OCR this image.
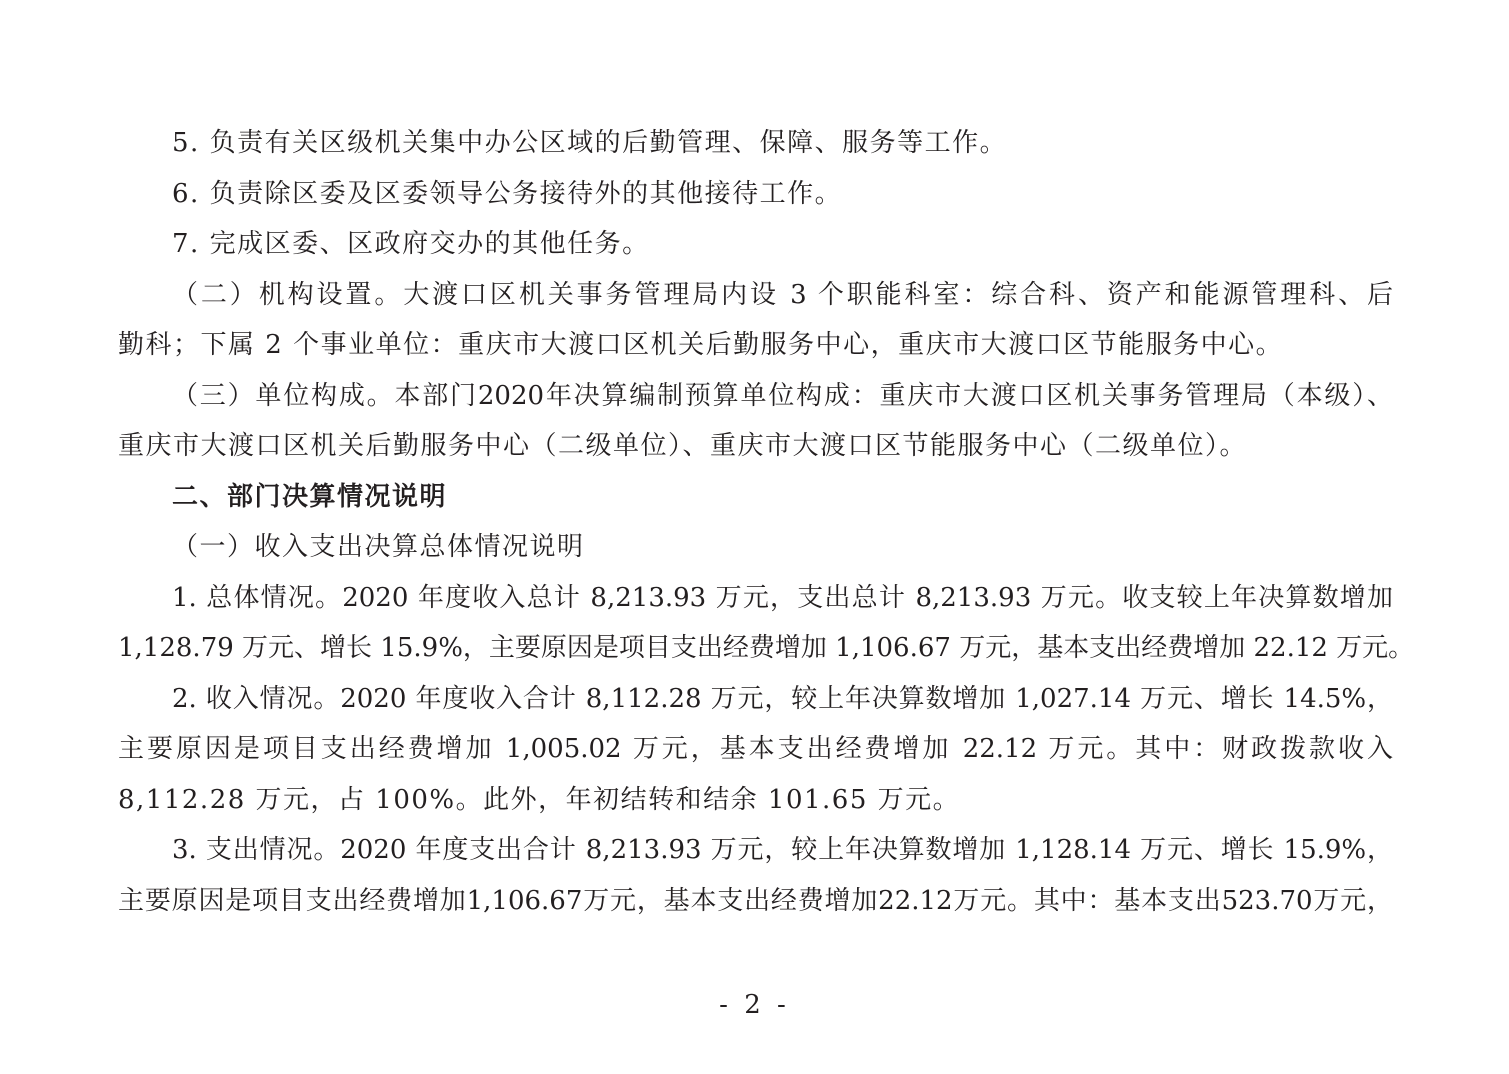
5. 负责有关区级机关集中办公区域的后勤管理、保障、服务等工作。
6. 负责除区委及区委领导公务接待外的其他接待工作。
7. 完成区委、区政府交办的其他任务。
（二）机构设置。大渡口区机关事务管理局内设 3 个职能科室：综合科、资产和能源管理科、后
勤科；下属 2 个事业单位：重庆市大渡口区机关后勤服务中心，重庆市大渡口区节能服务中心。
（三）单位构成。本部门2020年决算编制预算单位构成：重庆市大渡口区机关事务管理局（本级）、
重庆市大渡口区机关后勤服务中心（二级单位）、重庆市大渡口区节能服务中心（二级单位）。
二、部门决算情况说明
（一）收入支出决算总体情况说明
1. 总体情况。2020 年度收入总计 8,213.93 万元，支出总计 8,213.93 万元。收支较上年决算数增加
1,128.79 万元、增长 15.9%，主要原因是项目支出经费增加 1,106.67 万元，基本支出经费增加 22.12 万元。
2. 收入情况。2020 年度收入合计 8,112.28 万元，较上年决算数增加 1,027.14 万元、增长 14.5%，
主要原因是项目支出经费增加 1,005.02 万元，基本支出经费增加 22.12 万元。其中：财政拨款收入
8,112.28 万元，占 100%。此外，年初结转和结余 101.65 万元。
3. 支出情况。2020 年度支出合计 8,213.93 万元，较上年决算数增加 1,128.14 万元、增长 15.9%，
主要原因是项目支出经费增加1,106.67万元，基本支出经费增加22.12万元。其中：基本支出523.70万元，
- 2 -
